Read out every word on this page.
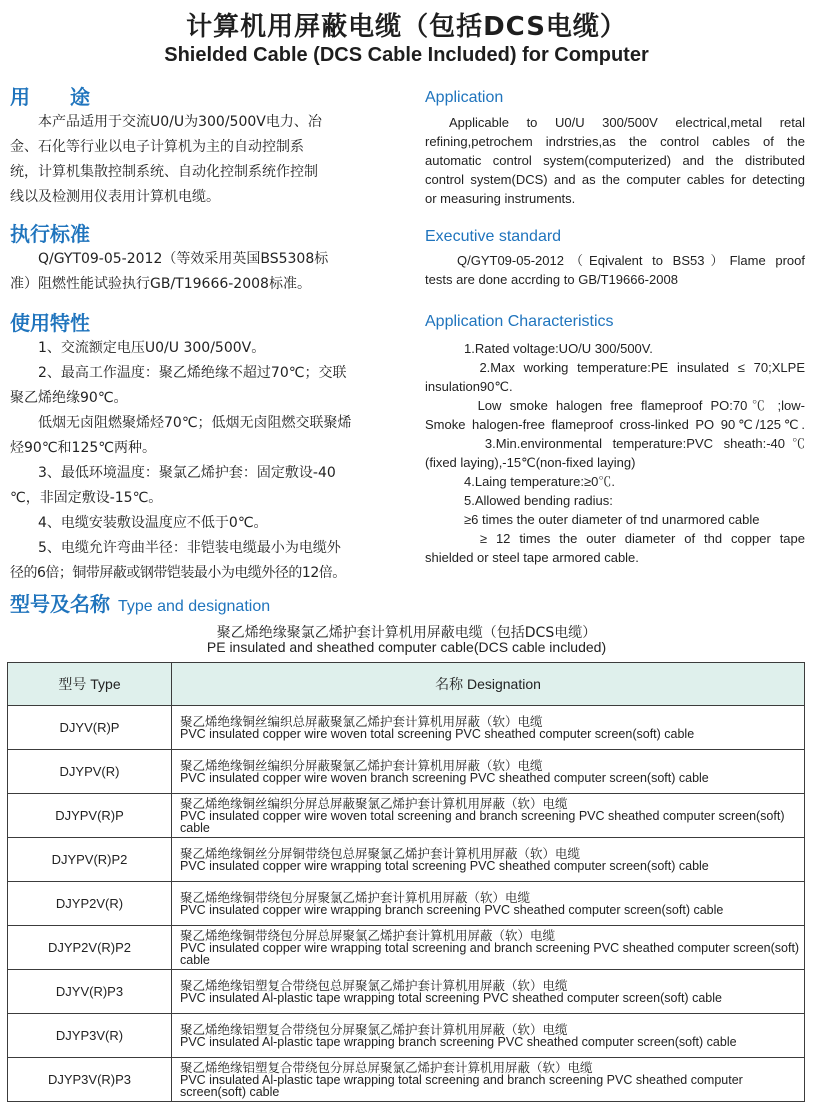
计算机用屏蔽电缆（包括DCS电缆）
Shielded Cable (DCS Cable Included) for Computer
用　　途

　　本产品适用于交流U0/U为300/500V电力、冶

金、石化等行业以电子计算机为主的自动控制系

统，计算机集散控制系统、自动化控制系统作控制

线以及检测用仪表用计算机电缆。

执行标准

　　Q/GYT09-05-2012（等效采用英国BS5308标

准）阻燃性能试验执行GB/T19666-2008标准。

使用特性

　　1、交流额定电压U0/U 300/500V。

　　2、最高工作温度：聚乙烯绝缘不超过70℃；交联

聚乙烯绝缘90℃。

　　低烟无卤阻燃聚烯烃70℃；低烟无卤阻燃交联聚烯

烃90℃和125℃两种。

　　3、最低环境温度：聚氯乙烯护套：固定敷设-40

℃，非固定敷设-15℃。

　　4、电缆安装敷设温度应不低于0℃。

　　5、电缆允许弯曲半径：非铠装电缆最小为电缆外

径的6倍；铜带屏蔽或钢带铠装最小为电缆外径的12倍。

Application

Applicable to U0/U 300/500V electrical,metal retal

refining,petrochem indrstries,as the control cables of the

automatic control system(computerized) and the distributed

control system(DCS) and as the computer cables for detecting

or measuring instruments.

Executive standard

Q/GYT09-05-2012（Eqivalent to BS53）Flame proof

tests are done accrding to GB/T19666-2008

Application Characteristics

　　　1.Rated voltage:UO/U 300/500V.

　　　2.Max working temperature:PE insulated ≤ 70;XLPE

insulation90℃.

　　　Low smoke halogen free flameproof PO:70℃ ;low-

Smoke halogen-free flameproof cross-linked PO 90℃/125℃.

　　　3.Min.environmental temperature:PVC sheath:-40℃

(fixed laying),-15℃(non-fixed laying)

　　　4.Laing temperature:≥0℃.

　　　5.Allowed bending radius:

　　　≥6 times the outer diameter of tnd unarmored cable

　　　≥ 12 times the outer diameter of thd copper tape

shielded or steel tape armored cable.

型号及名称 Type and designation
聚乙烯绝缘聚氯乙烯护套计算机用屏蔽电缆（包括DCS电缆）
PE insulated and sheathed computer cable(DCS cable included)
型号 Type	名称 Designation
DJYV(R)P	聚乙烯绝缘铜丝编织总屏蔽聚氯乙烯护套计算机用屏蔽（软）电缆
PVC insulated copper wire woven total screening PVC sheathed computer screen(soft) cable

DJYPV(R)	聚乙烯绝缘铜丝编织分屏蔽聚氯乙烯护套计算机用屏蔽（软）电缆
PVC insulated copper wire woven branch screening PVC sheathed computer screen(soft) cable

DJYPV(R)P	聚乙烯绝缘铜丝编织分屏总屏蔽聚氯乙烯护套计算机用屏蔽（软）电缆
PVC insulated copper wire woven total screening and branch screening PVC sheathed computer screen(soft) cable

DJYPV(R)P2	聚乙烯绝缘铜丝分屏铜带绕包总屏聚氯乙烯护套计算机用屏蔽（软）电缆
PVC insulated copper wire wrapping total screening PVC sheathed computer screen(soft) cable

DJYP2V(R)	聚乙烯绝缘铜带绕包分屏聚氯乙烯护套计算机用屏蔽（软）电缆
PVC insulated copper wire wrapping branch screening PVC sheathed computer screen(soft) cable

DJYP2V(R)P2	聚乙烯绝缘铜带绕包分屏总屏聚氯乙烯护套计算机用屏蔽（软）电缆
PVC insulated copper wire wrapping total screening and branch screening PVC sheathed computer screen(soft) cable

DJYV(R)P3	聚乙烯绝缘铝塑复合带绕包总屏聚氯乙烯护套计算机用屏蔽（软）电缆
PVC insulated Al-plastic tape wrapping total screening PVC sheathed computer screen(soft) cable

DJYP3V(R)	聚乙烯绝缘铝塑复合带绕包分屏聚氯乙烯护套计算机用屏蔽（软）电缆
PVC insulated Al-plastic tape wrapping branch screening PVC sheathed computer screen(soft) cable

DJYP3V(R)P3	聚乙烯绝缘铝塑复合带绕包分屏总屏聚氯乙烯护套计算机用屏蔽（软）电缆
PVC insulated Al-plastic tape wrapping total screening and branch screening PVC sheathed computer screen(soft) cable
